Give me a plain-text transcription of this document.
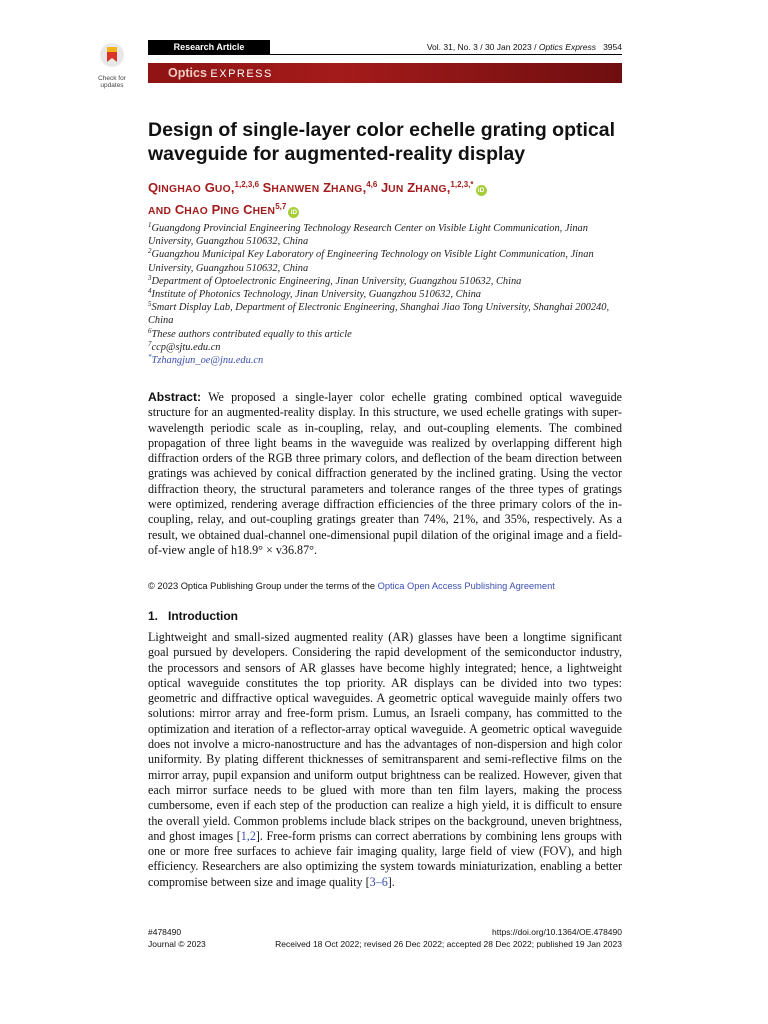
Check for
updates
Research Article	Vol. 31, No. 3 / 30 Jan 2023 / Optics Express 3954
Optics EXPRESS
Design of single-layer color echelle grating optical waveguide for augmented-reality display
QINGHAO GUO,$^{1,2,3,6}$ SHANWEN ZHANG,$^{4,6}$ JUN ZHANG,$^{1,2,3,*}$iD
AND CHAO PING CHEN$^{5,7}$iD

$^1$Guangdong Provincial Engineering Technology Research Center on Visible Light Communication, Jinan University, Guangzhou 510632, China

$^2$Guangzhou Municipal Key Laboratory of Engineering Technology on Visible Light Communication, Jinan University, Guangzhou 510632, China

$^3$Department of Optoelectronic Engineering, Jinan University, Guangzhou 510632, China

$^4$Institute of Photonics Technology, Jinan University, Guangzhou 510632, China

$^5$Smart Display Lab, Department of Electronic Engineering, Shanghai Jiao Tong University, Shanghai 200240, China

$^6$These authors contributed equally to this article

$^7$ccp@sjtu.edu.cn

*Tzhangjun_oe@jnu.edu.cn

Abstract: We proposed a single-layer color echelle grating combined optical waveguide structure for an augmented-reality display. In this structure, we used echelle gratings with super-wavelength periodic scale as in-coupling, relay, and out-coupling elements. The combined propagation of three light beams in the waveguide was realized by overlapping different high diffraction orders of the RGB three primary colors, and deflection of the beam direction between gratings was achieved by conical diffraction generated by the inclined grating. Using the vector diffraction theory, the structural parameters and tolerance ranges of the three types of gratings were optimized, rendering average diffraction efficiencies of the three primary colors of the in-coupling, relay, and out-coupling gratings greater than 74%, 21%, and 35%, respectively. As a result, we obtained dual-channel one-dimensional pupil dilation of the original image and a field-of-view angle of h18.9° × v36.87°.
© 2023 Optica Publishing Group under the terms of the Optica Open Access Publishing Agreement
1.   Introduction
Lightweight and small-sized augmented reality (AR) glasses have been a longtime significant goal pursued by developers. Considering the rapid development of the semiconductor industry, the processors and sensors of AR glasses have become highly integrated; hence, a lightweight optical waveguide constitutes the top priority. AR displays can be divided into two types: geometric and diffractive optical waveguides. A geometric optical waveguide mainly offers two solutions: mirror array and free-form prism. Lumus, an Israeli company, has committed to the optimization and iteration of a reflector-array optical waveguide. A geometric optical waveguide does not involve a micro-nanostructure and has the advantages of non-dispersion and high color uniformity. By plating different thicknesses of semitransparent and semi-reflective films on the mirror array, pupil expansion and uniform output brightness can be realized. However, given that each mirror surface needs to be glued with more than ten film layers, making the process cumbersome, even if each step of the production can realize a high yield, it is difficult to ensure the overall yield. Common problems include black stripes on the background, uneven brightness, and ghost images [1,2]. Free-form prisms can correct aberrations by combining lens groups with one or more free surfaces to achieve fair imaging quality, large field of view (FOV), and high efficiency. Researchers are also optimizing the system towards miniaturization, enabling a better compromise between size and image quality [3–6].
#478490
Journal © 2023
https://doi.org/10.1364/OE.478490
Received 18 Oct 2022; revised 26 Dec 2022; accepted 28 Dec 2022; published 19 Jan 2023
